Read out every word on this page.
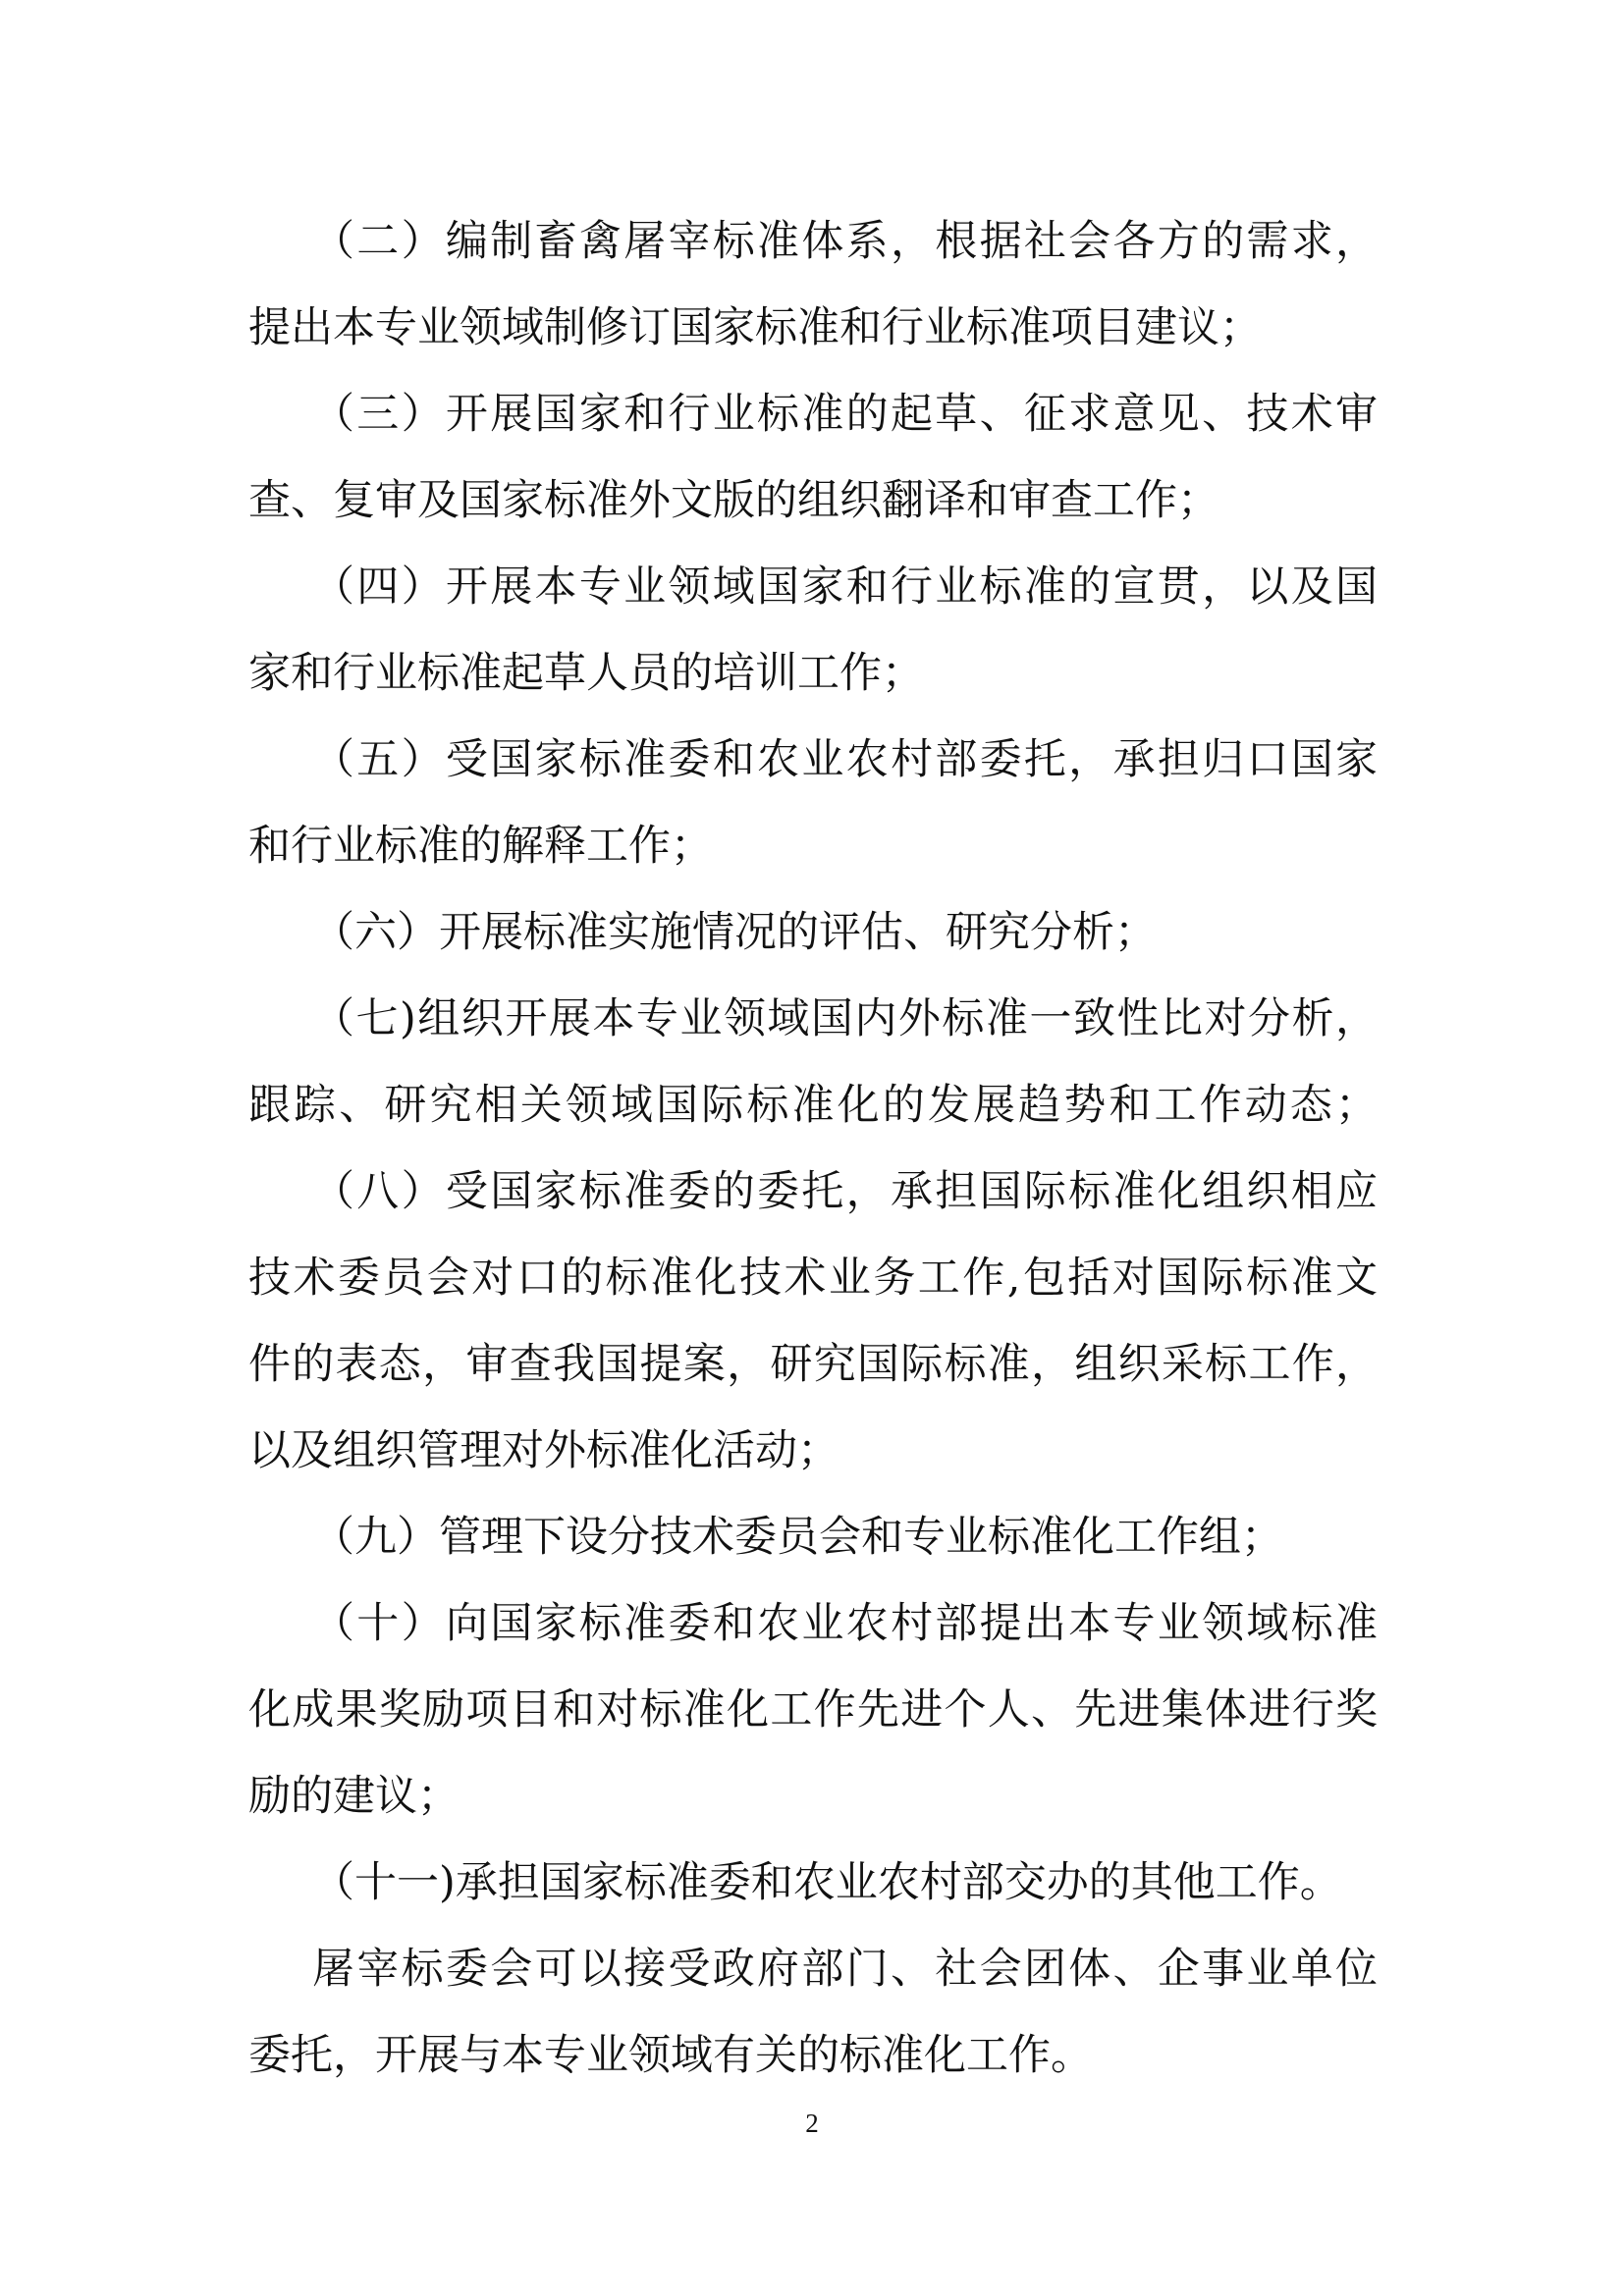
（二）编制畜禽屠宰标准体系，根据社会各方的需求，
提出本专业领域制修订国家标准和行业标准项目建议；
（三）开展国家和行业标准的起草、征求意见、技术审
查、复审及国家标准外文版的组织翻译和审查工作；
（四）开展本专业领域国家和行业标准的宣贯，以及国
家和行业标准起草人员的培训工作；
（五）受国家标准委和农业农村部委托，承担归口国家
和行业标准的解释工作；
（六）开展标准实施情况的评估、研究分析；
（七)组织开展本专业领域国内外标准一致性比对分析，
跟踪、研究相关领域国际标准化的发展趋势和工作动态；
（八）受国家标准委的委托，承担国际标准化组织相应
技术委员会对口的标准化技术业务工作,包括对国际标准文
件的表态，审查我国提案，研究国际标准，组织采标工作，
以及组织管理对外标准化活动；
（九）管理下设分技术委员会和专业标准化工作组；
（十）向国家标准委和农业农村部提出本专业领域标准
化成果奖励项目和对标准化工作先进个人、先进集体进行奖
励的建议；
（十一)承担国家标准委和农业农村部交办的其他工作。
屠宰标委会可以接受政府部门、社会团体、企事业单位
委托，开展与本专业领域有关的标准化工作。
2
